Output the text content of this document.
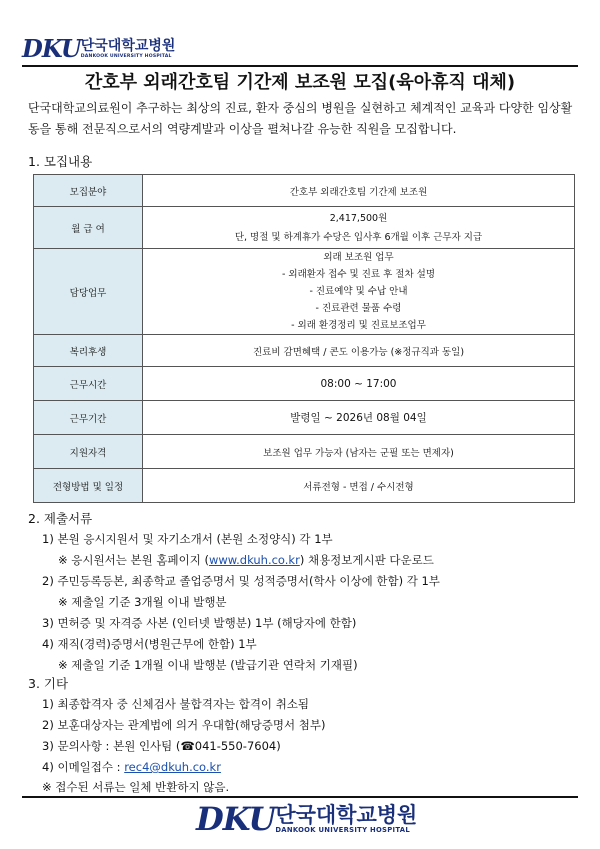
DKU 단국대학교병원
DANKOOK UNIVERSITY HOSPITAL
간호부 외래간호팀 기간제 보조원 모집(육아휴직 대체)
단국대학교의료원이 추구하는 최상의 진료, 환자 중심의 병원을 실현하고 체계적인 교육과 다양한 임상활동을 통해 전문직으로서의 역량계발과 이상을 펼쳐나갈 유능한 직원을 모집합니다.
1. 모집내용
모집분야	간호부 외래간호팀 기간제 보조원

월 급 여	2,417,500원
단, 명절 및 하계휴가 수당은 입사후 6개월 이후 근무자 지급

담당업무	외래 보조원 업무
- 외래환자 접수 및 진료 후 절차 설명
- 진료예약 및 수납 안내
- 진료관련 물품 수령
- 외래 환경정리 및 진료보조업무

복리후생	진료비 감면혜택 / 콘도 이용가능 (※정규직과 동일)

근무시간	08:00 ~ 17:00

근무기간	발령일 ~ 2026년 08월 04일

지원자격	보조원 업무 가능자 (남자는 군필 또는 면제자)

전형방법 및 일정	서류전형 - 면접 / 수시전형
2. 제출서류
1) 본원 응시지원서 및 자기소개서 (본원 소정양식) 각 1부
※ 응시원서는 본원 홈페이지 (www.dkuh.co.kr) 채용정보게시판 다운로드
2) 주민등록등본, 최종학교 졸업증명서 및 성적증명서(학사 이상에 한함) 각 1부
※ 제출일 기준 3개월 이내 발행분
3) 면허증 및 자격증 사본 (인터넷 발행분) 1부 (해당자에 한함)
4) 재직(경력)증명서(병원근무에 한함) 1부
※ 제출일 기준 1개월 이내 발행분 (발급기관 연락처 기재필)
3. 기타
1) 최종합격자 중 신체검사 불합격자는 합격이 취소됨
2) 보훈대상자는 관계법에 의거 우대함(해당증명서 첨부)
3) 문의사항 : 본원 인사팀 (☎041-550-7604)
4) 이메일접수 : rec4@dkuh.co.kr
※ 접수된 서류는 일체 반환하지 않음.
DKU 단국대학교병원
DANKOOK UNIVERSITY HOSPITAL
